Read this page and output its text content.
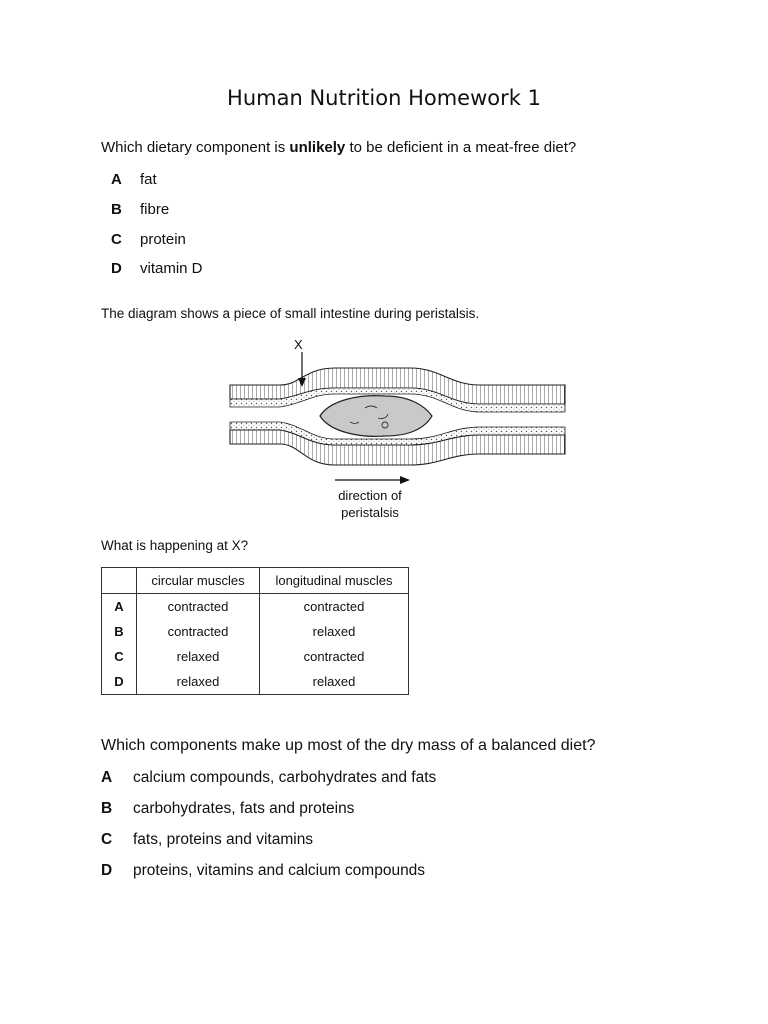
Human Nutrition Homework 1
Which dietary component is unlikely to be deficient in a meat-free diet?
A fat
B fibre
C protein
D vitamin D
The diagram shows a piece of small intestine during peristalsis.
X
direction of
peristalsis
What is happening at X?
	circular muscles	longitudinal muscles
A	contracted	contracted
B	contracted	relaxed
C	relaxed	contracted
D	relaxed	relaxed
Which components make up most of the dry mass of a balanced diet?
A calcium compounds, carbohydrates and fats
B carbohydrates, fats and proteins
C fats, proteins and vitamins
D proteins, vitamins and calcium compounds
